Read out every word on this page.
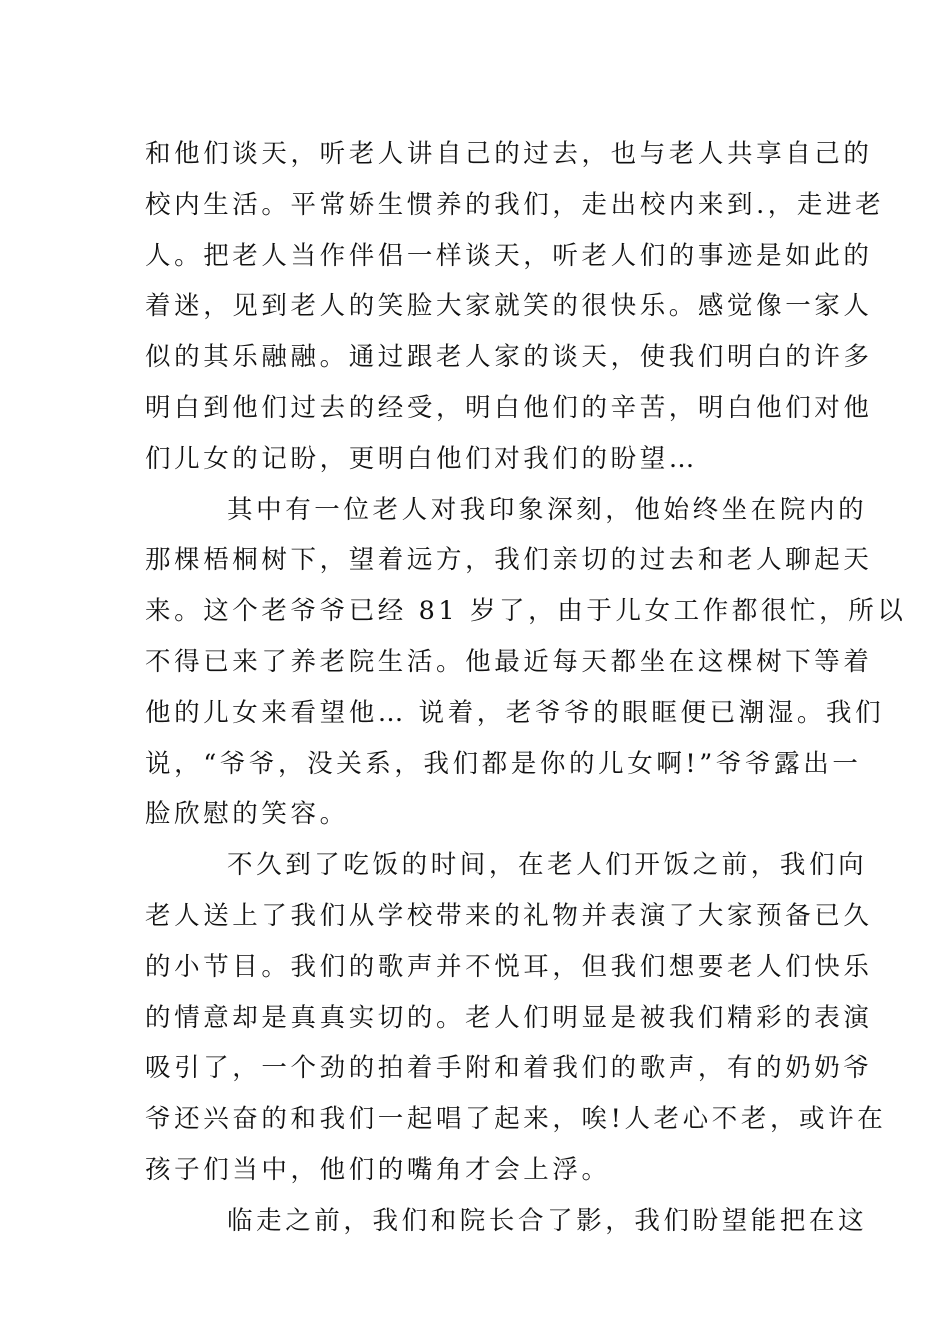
和他们谈天，听老人讲自己的过去，也与老人共享自己的
校内生活。平常娇生惯养的我们，走出校内来到.，走进老
人。把老人当作伴侣一样谈天，听老人们的事迹是如此的
着迷，见到老人的笑脸大家就笑的很快乐。感觉像一家人
似的其乐融融。通过跟老人家的谈天，使我们明白的许多
明白到他们过去的经受，明白他们的辛苦，明白他们对他
们儿女的记盼，更明白他们对我们的盼望…
其中有一位老人对我印象深刻，他始终坐在院内的
那棵梧桐树下，望着远方，我们亲切的过去和老人聊起天
来。这个老爷爷已经 81 岁了，由于儿女工作都很忙，所以
不得已来了养老院生活。他最近每天都坐在这棵树下等着
他的儿女来看望他… 说着，老爷爷的眼眶便已潮湿。我们
说，“爷爷，没关系，我们都是你的儿女啊!”爷爷露出一
脸欣慰的笑容。
不久到了吃饭的时间，在老人们开饭之前，我们向
老人送上了我们从学校带来的礼物并表演了大家预备已久
的小节目。我们的歌声并不悦耳，但我们想要老人们快乐
的情意却是真真实切的。老人们明显是被我们精彩的表演
吸引了，一个劲的拍着手附和着我们的歌声，有的奶奶爷
爷还兴奋的和我们一起唱了起来，唉!人老心不老，或许在
孩子们当中，他们的嘴角才会上浮。
临走之前，我们和院长合了影，我们盼望能把在这
